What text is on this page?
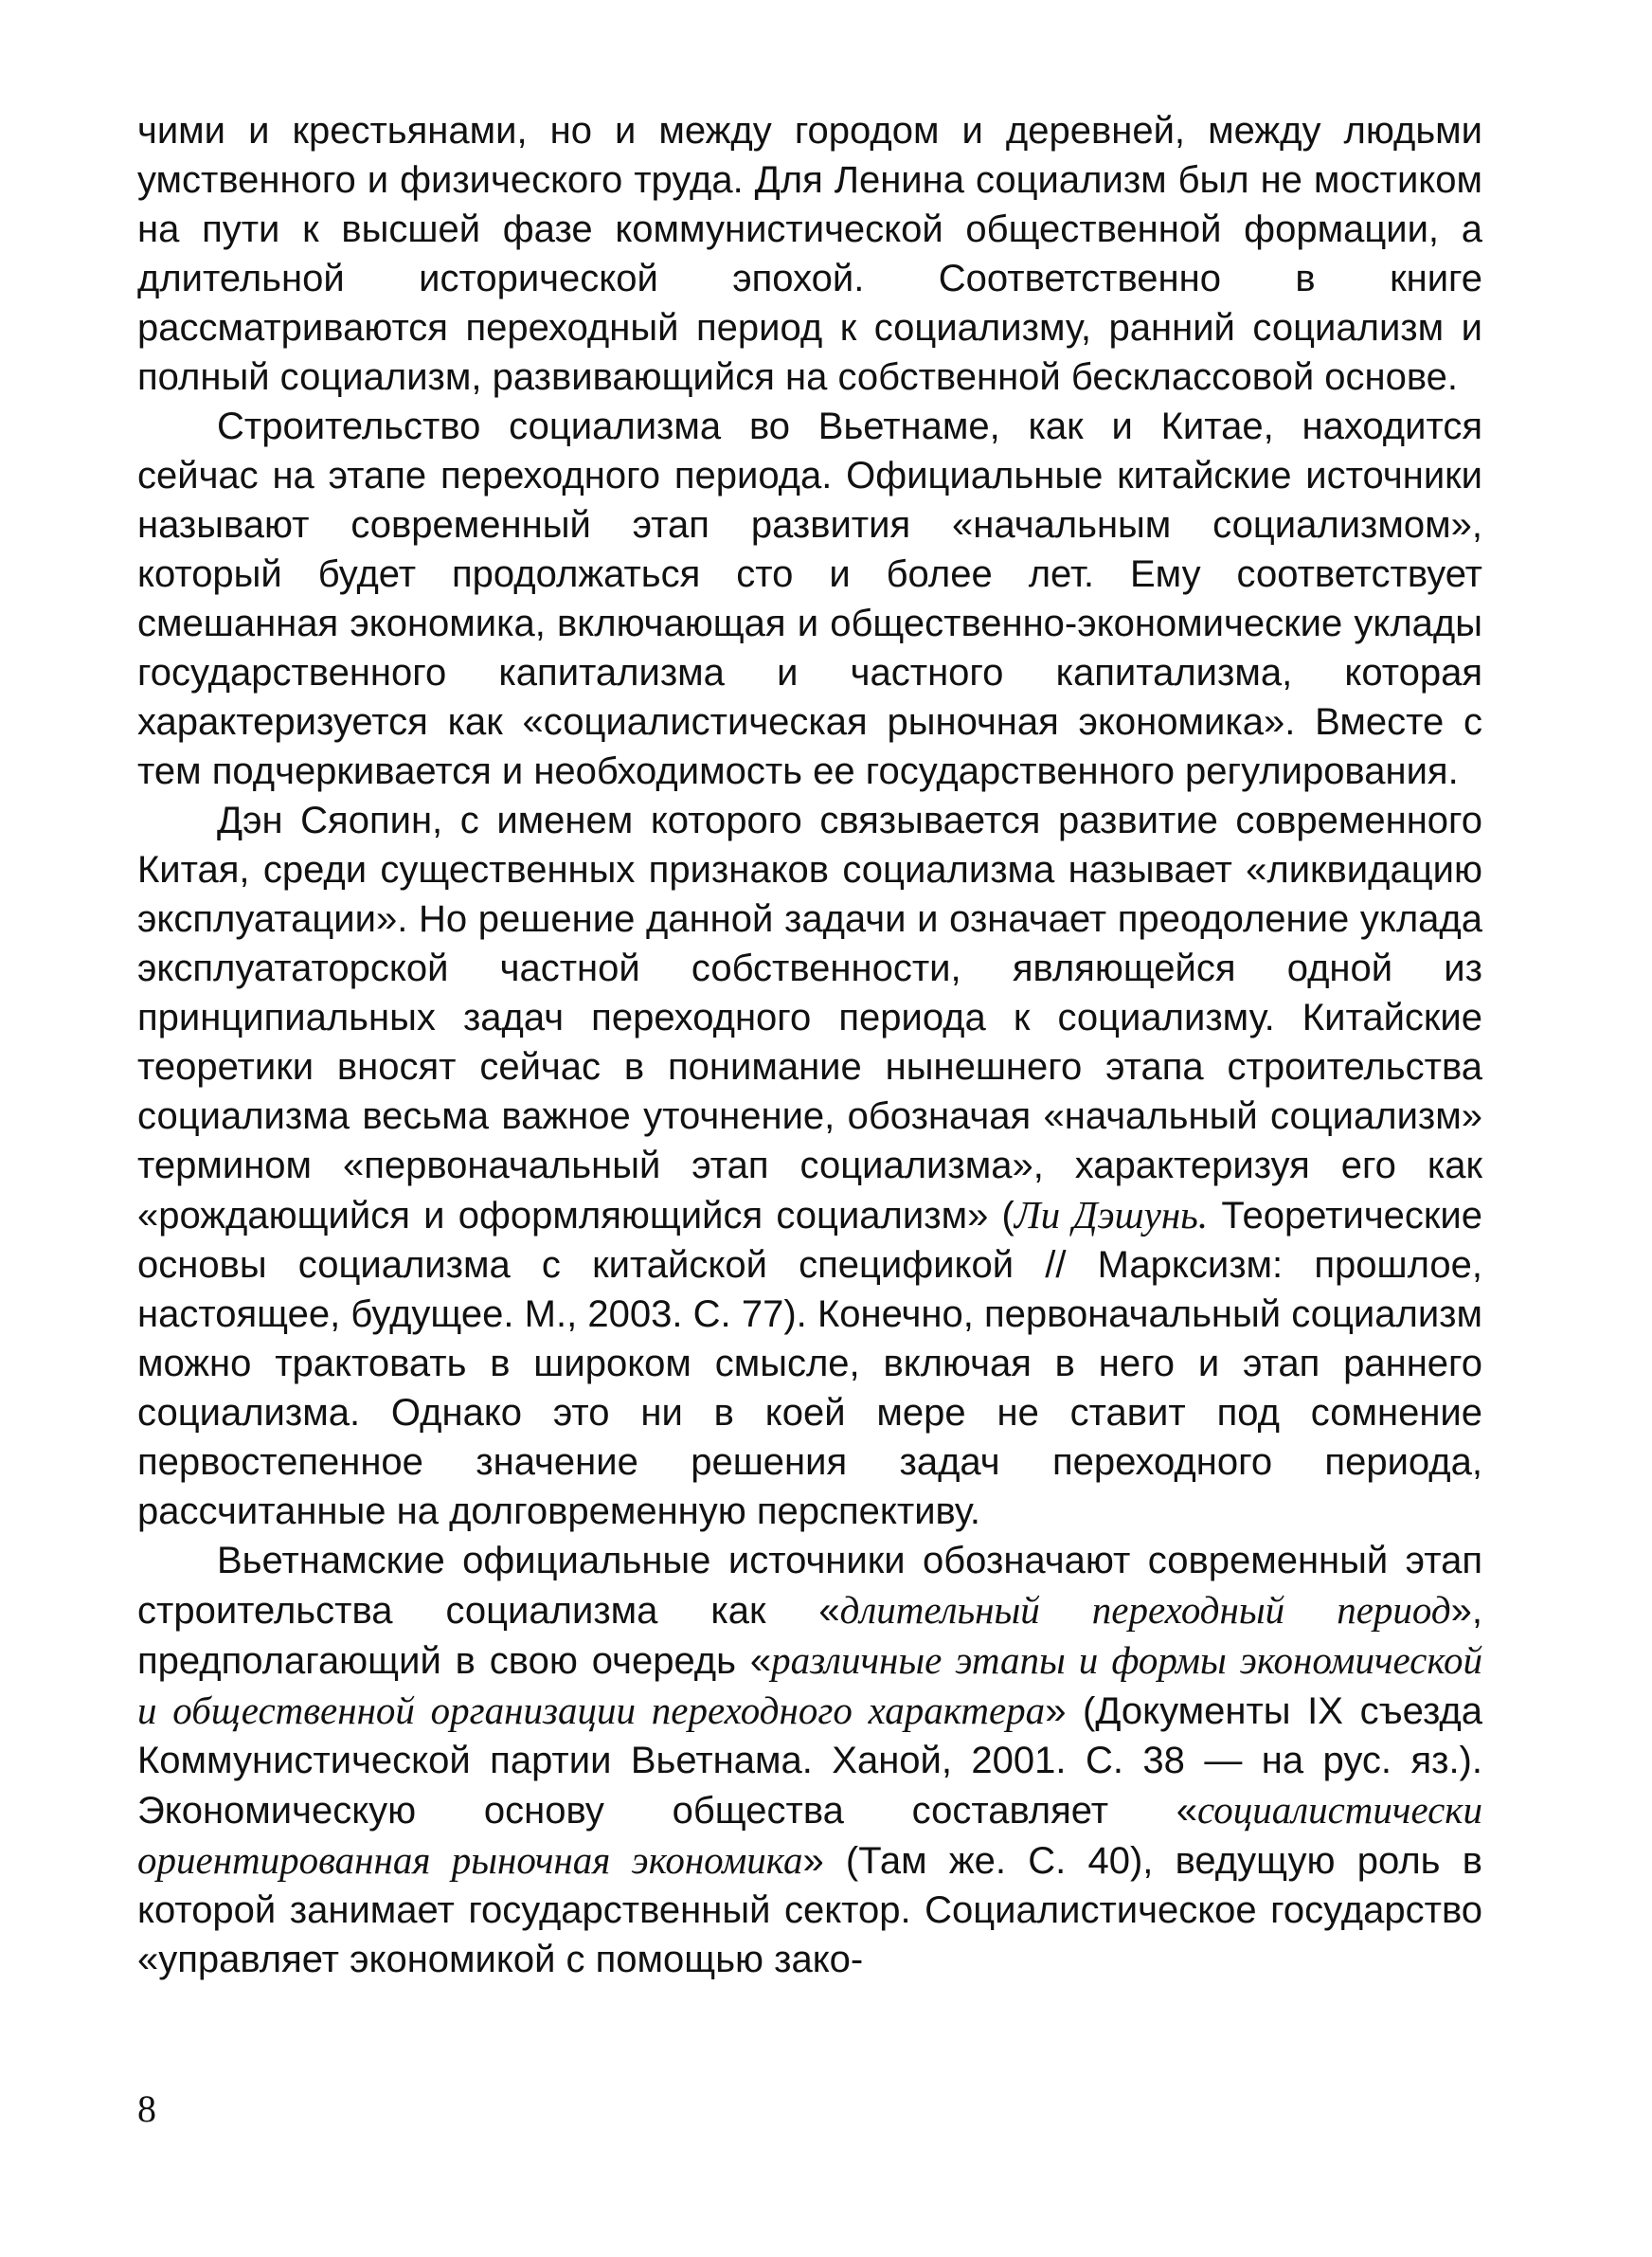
чими и крестьянами, но и между городом и деревней, между людьми умственного и физического труда. Для Ленина социализм был не мостиком на пути к высшей фазе коммунистической общественной формации, а длительной исторической эпохой. Соответственно в книге рассматриваются переходный период к социализму, ранний социализм и полный социализм, развивающийся на собственной бесклассовой основе.

Строительство социализма во Вьетнаме, как и Китае, находится сейчас на этапе переходного периода. Официальные китайские источники называют современный этап развития «начальным социализмом», который будет продолжаться сто и более лет. Ему соответствует смешанная экономика, включающая и общественно-экономические уклады государственного капитализма и частного капитализма, которая характеризуется как «социалистическая рыночная экономика». Вместе с тем подчеркивается и необходимость ее государственного регулирования.

Дэн Сяопин, с именем которого связывается развитие современного Китая, среди существенных признаков социализма называет «ликвидацию эксплуатации». Но решение данной задачи и означает преодоление уклада эксплуататорской частной собственности, являющейся одной из принципиальных задач переходного периода к социализму. Китайские теоретики вносят сейчас в понимание нынешнего этапа строительства социализма весьма важное уточнение, обозначая «начальный социализм» термином «первоначальный этап социализма», характеризуя его как «рождающийся и оформляющийся социализм» (Ли Дэшунь. Теоретические основы социализма с китайской спецификой // Марксизм: прошлое, настоящее, будущее. М., 2003. С. 77). Конечно, первоначальный социализм можно трактовать в широком смысле, включая в него и этап раннего социализма. Однако это ни в коей мере не ставит под сомнение первостепенное значение решения задач переходного периода, рассчитанные на долговременную перспективу.

Вьетнамские официальные источники обозначают современный этап строительства социализма как «длительный переходный период», предполагающий в свою очередь «различные этапы и формы экономической и общественной организации переходного характера» (Документы IX съезда Коммунистической партии Вьетнама. Ханой, 2001. С. 38 — на рус. яз.). Экономическую основу общества составляет «социалистически ориентированная рыночная экономика» (Там же. С. 40), ведущую роль в которой занимает государственный сектор. Социалистическое государство «управляет экономикой с помощью зако-

8
